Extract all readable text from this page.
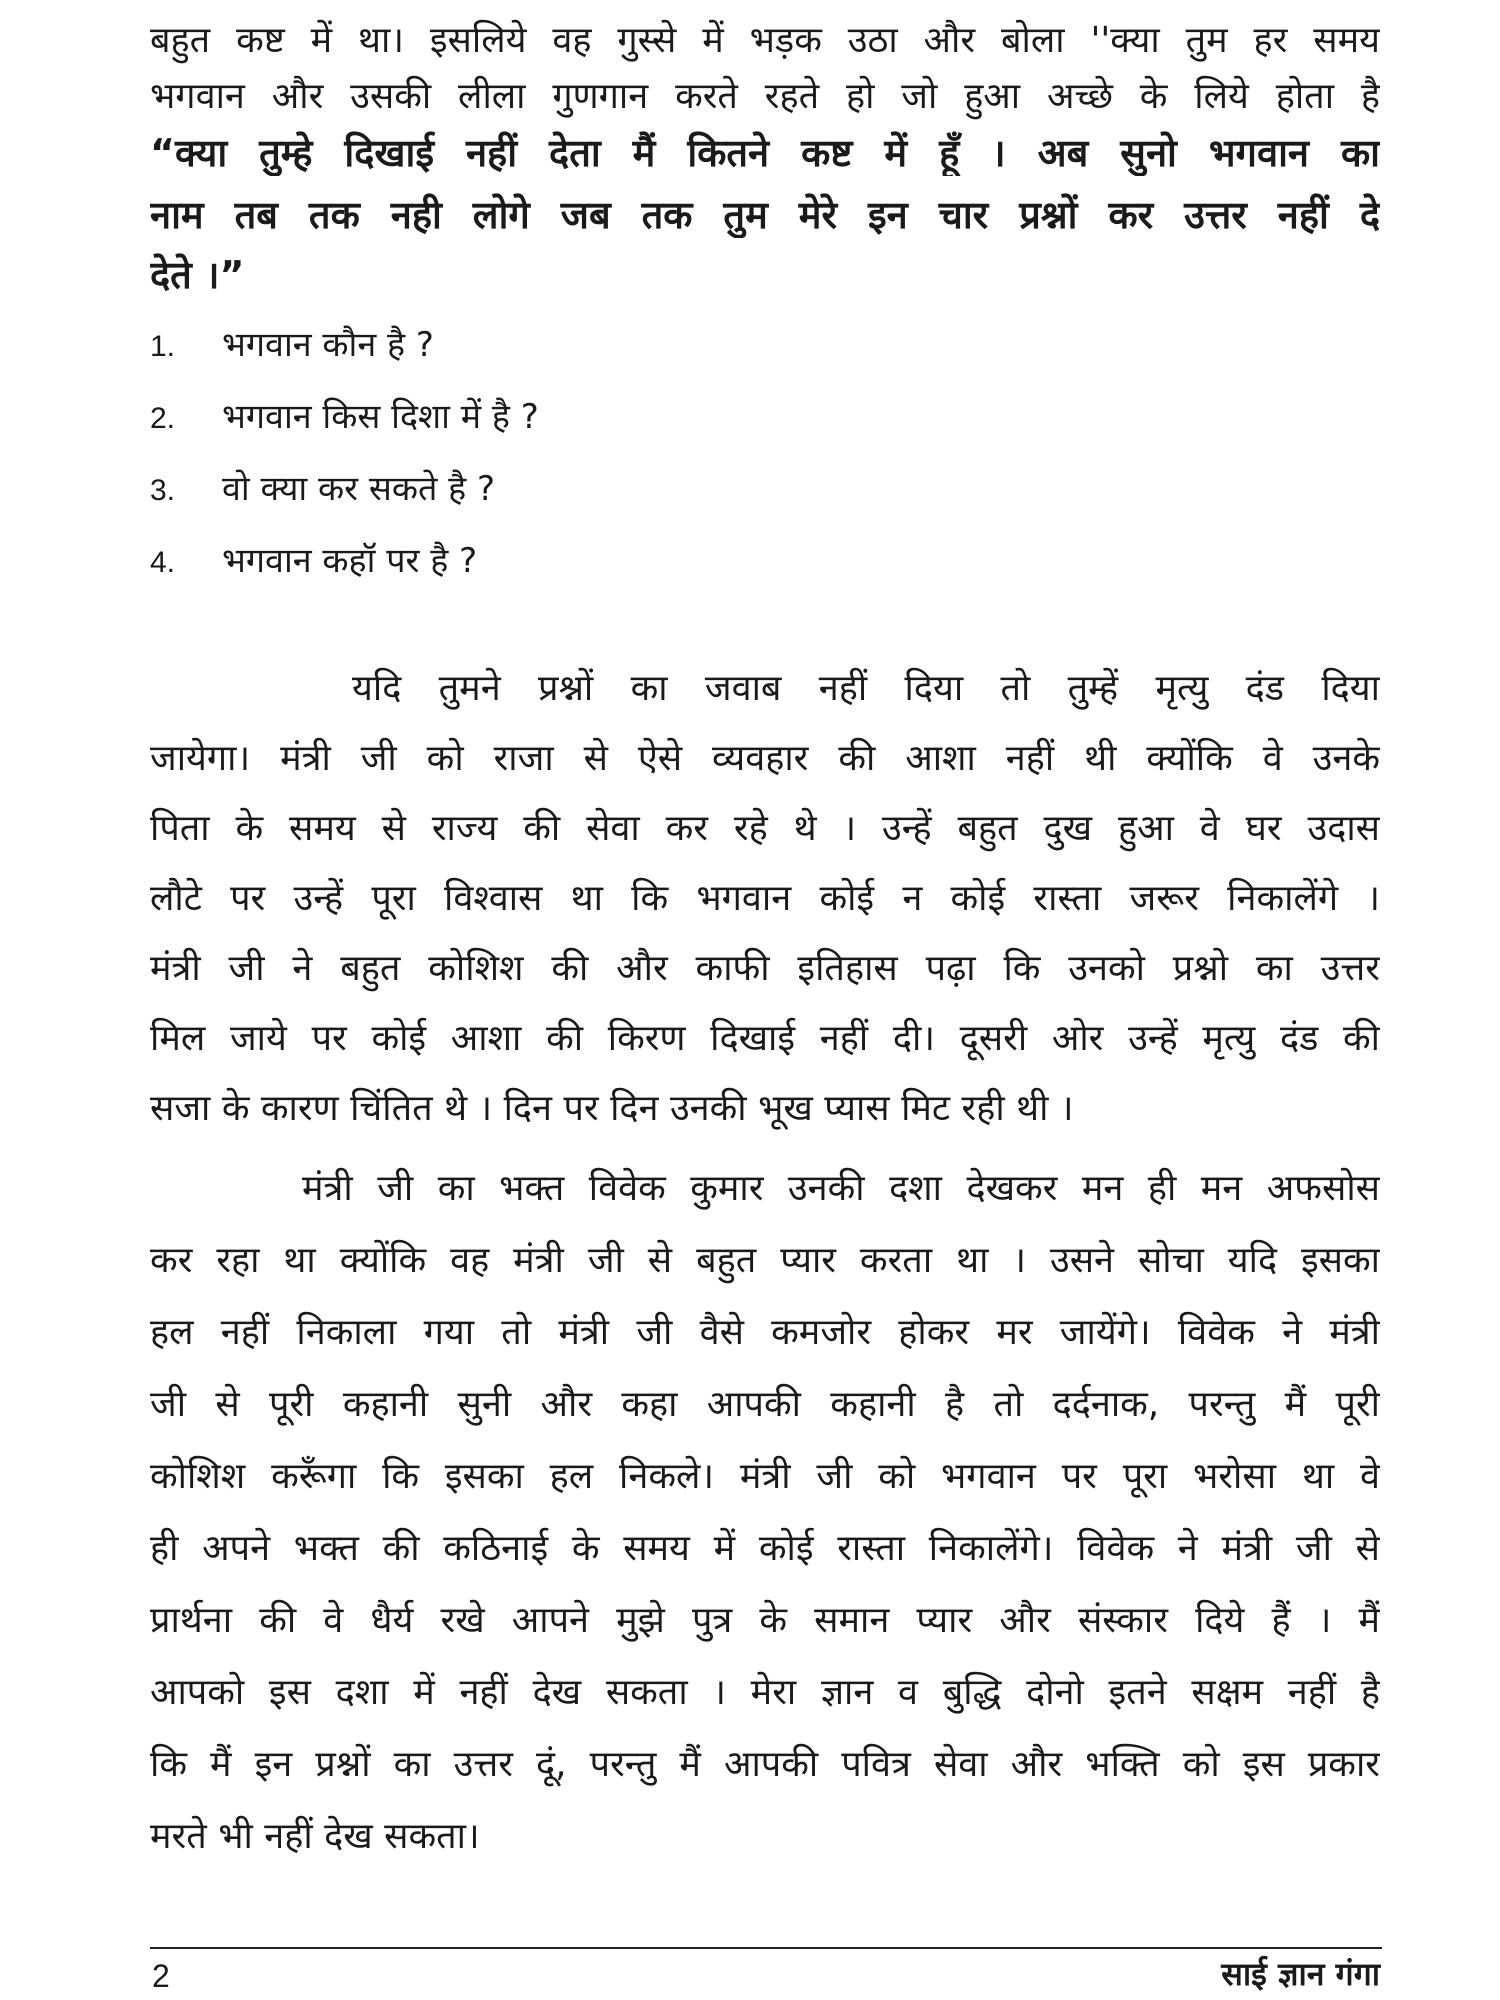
बहुत कष्ट में था। इसलिये वह गुस्से में भड़क उठा और बोला ''क्या तुम हर समय
भगवान और उसकी लीला गुणगान करते रहते हो जो हुआ अच्छे के लिये होता है
“क्या तुम्हे दिखाई नहीं देता मैं कितने कष्ट में हूँ । अब सुनो भगवान का
नाम तब तक नही लोगे जब तक तुम मेरे इन चार प्रश्नों कर उत्तर नहीं दे
देते ।”
1. भगवान कौन है ?
2. भगवान किस दिशा में है ?
3. वो क्या कर सकते है ?
4. भगवान कहॉ पर है ?
यदि तुमने प्रश्नों का जवाब नहीं दिया तो तुम्हें मृत्यु दंड दिया
जायेगा। मंत्री जी को राजा से ऐसे व्यवहार की आशा नहीं थी क्योंकि वे उनके
पिता के समय से राज्य की सेवा कर रहे थे । उन्हें बहुत दुख हुआ वे घर उदास
लौटे पर उन्हें पूरा विश्वास था कि भगवान कोई न कोई रास्ता जरूर निकालेंगे ।
मंत्री जी ने बहुत कोशिश की और काफी इतिहास पढ़ा कि उनको प्रश्नो का उत्तर
मिल जाये पर कोई आशा की किरण दिखाई नहीं दी। दूसरी ओर उन्हें मृत्यु दंड की
सजा के कारण चिंतित थे । दिन पर दिन उनकी भूख प्यास मिट रही थी ।
मंत्री जी का भक्त विवेक कुमार उनकी दशा देखकर मन ही मन अफसोस
कर रहा था क्योंकि वह मंत्री जी से बहुत प्यार करता था । उसने सोचा यदि इसका
हल नहीं निकाला गया तो मंत्री जी वैसे कमजोर होकर मर जायेंगे। विवेक ने मंत्री
जी से पूरी कहानी सुनी और कहा आपकी कहानी है तो दर्दनाक, परन्तु मैं पूरी
कोशिश करूँगा कि इसका हल निकले। मंत्री जी को भगवान पर पूरा भरोसा था वे
ही अपने भक्त की कठिनाई के समय में कोई रास्ता निकालेंगे। विवेक ने मंत्री जी से
प्रार्थना की वे धैर्य रखे आपने मुझे पुत्र के समान प्यार और संस्कार दिये हैं । मैं
आपको इस दशा में नहीं देख सकता । मेरा ज्ञान व बुद्धि दोनो इतने सक्षम नहीं है
कि मैं इन प्रश्नों का उत्तर दूं, परन्तु मैं आपकी पवित्र सेवा और भक्ति को इस प्रकार
मरते भी नहीं देख सकता।
2	साई ज्ञान गंगा
